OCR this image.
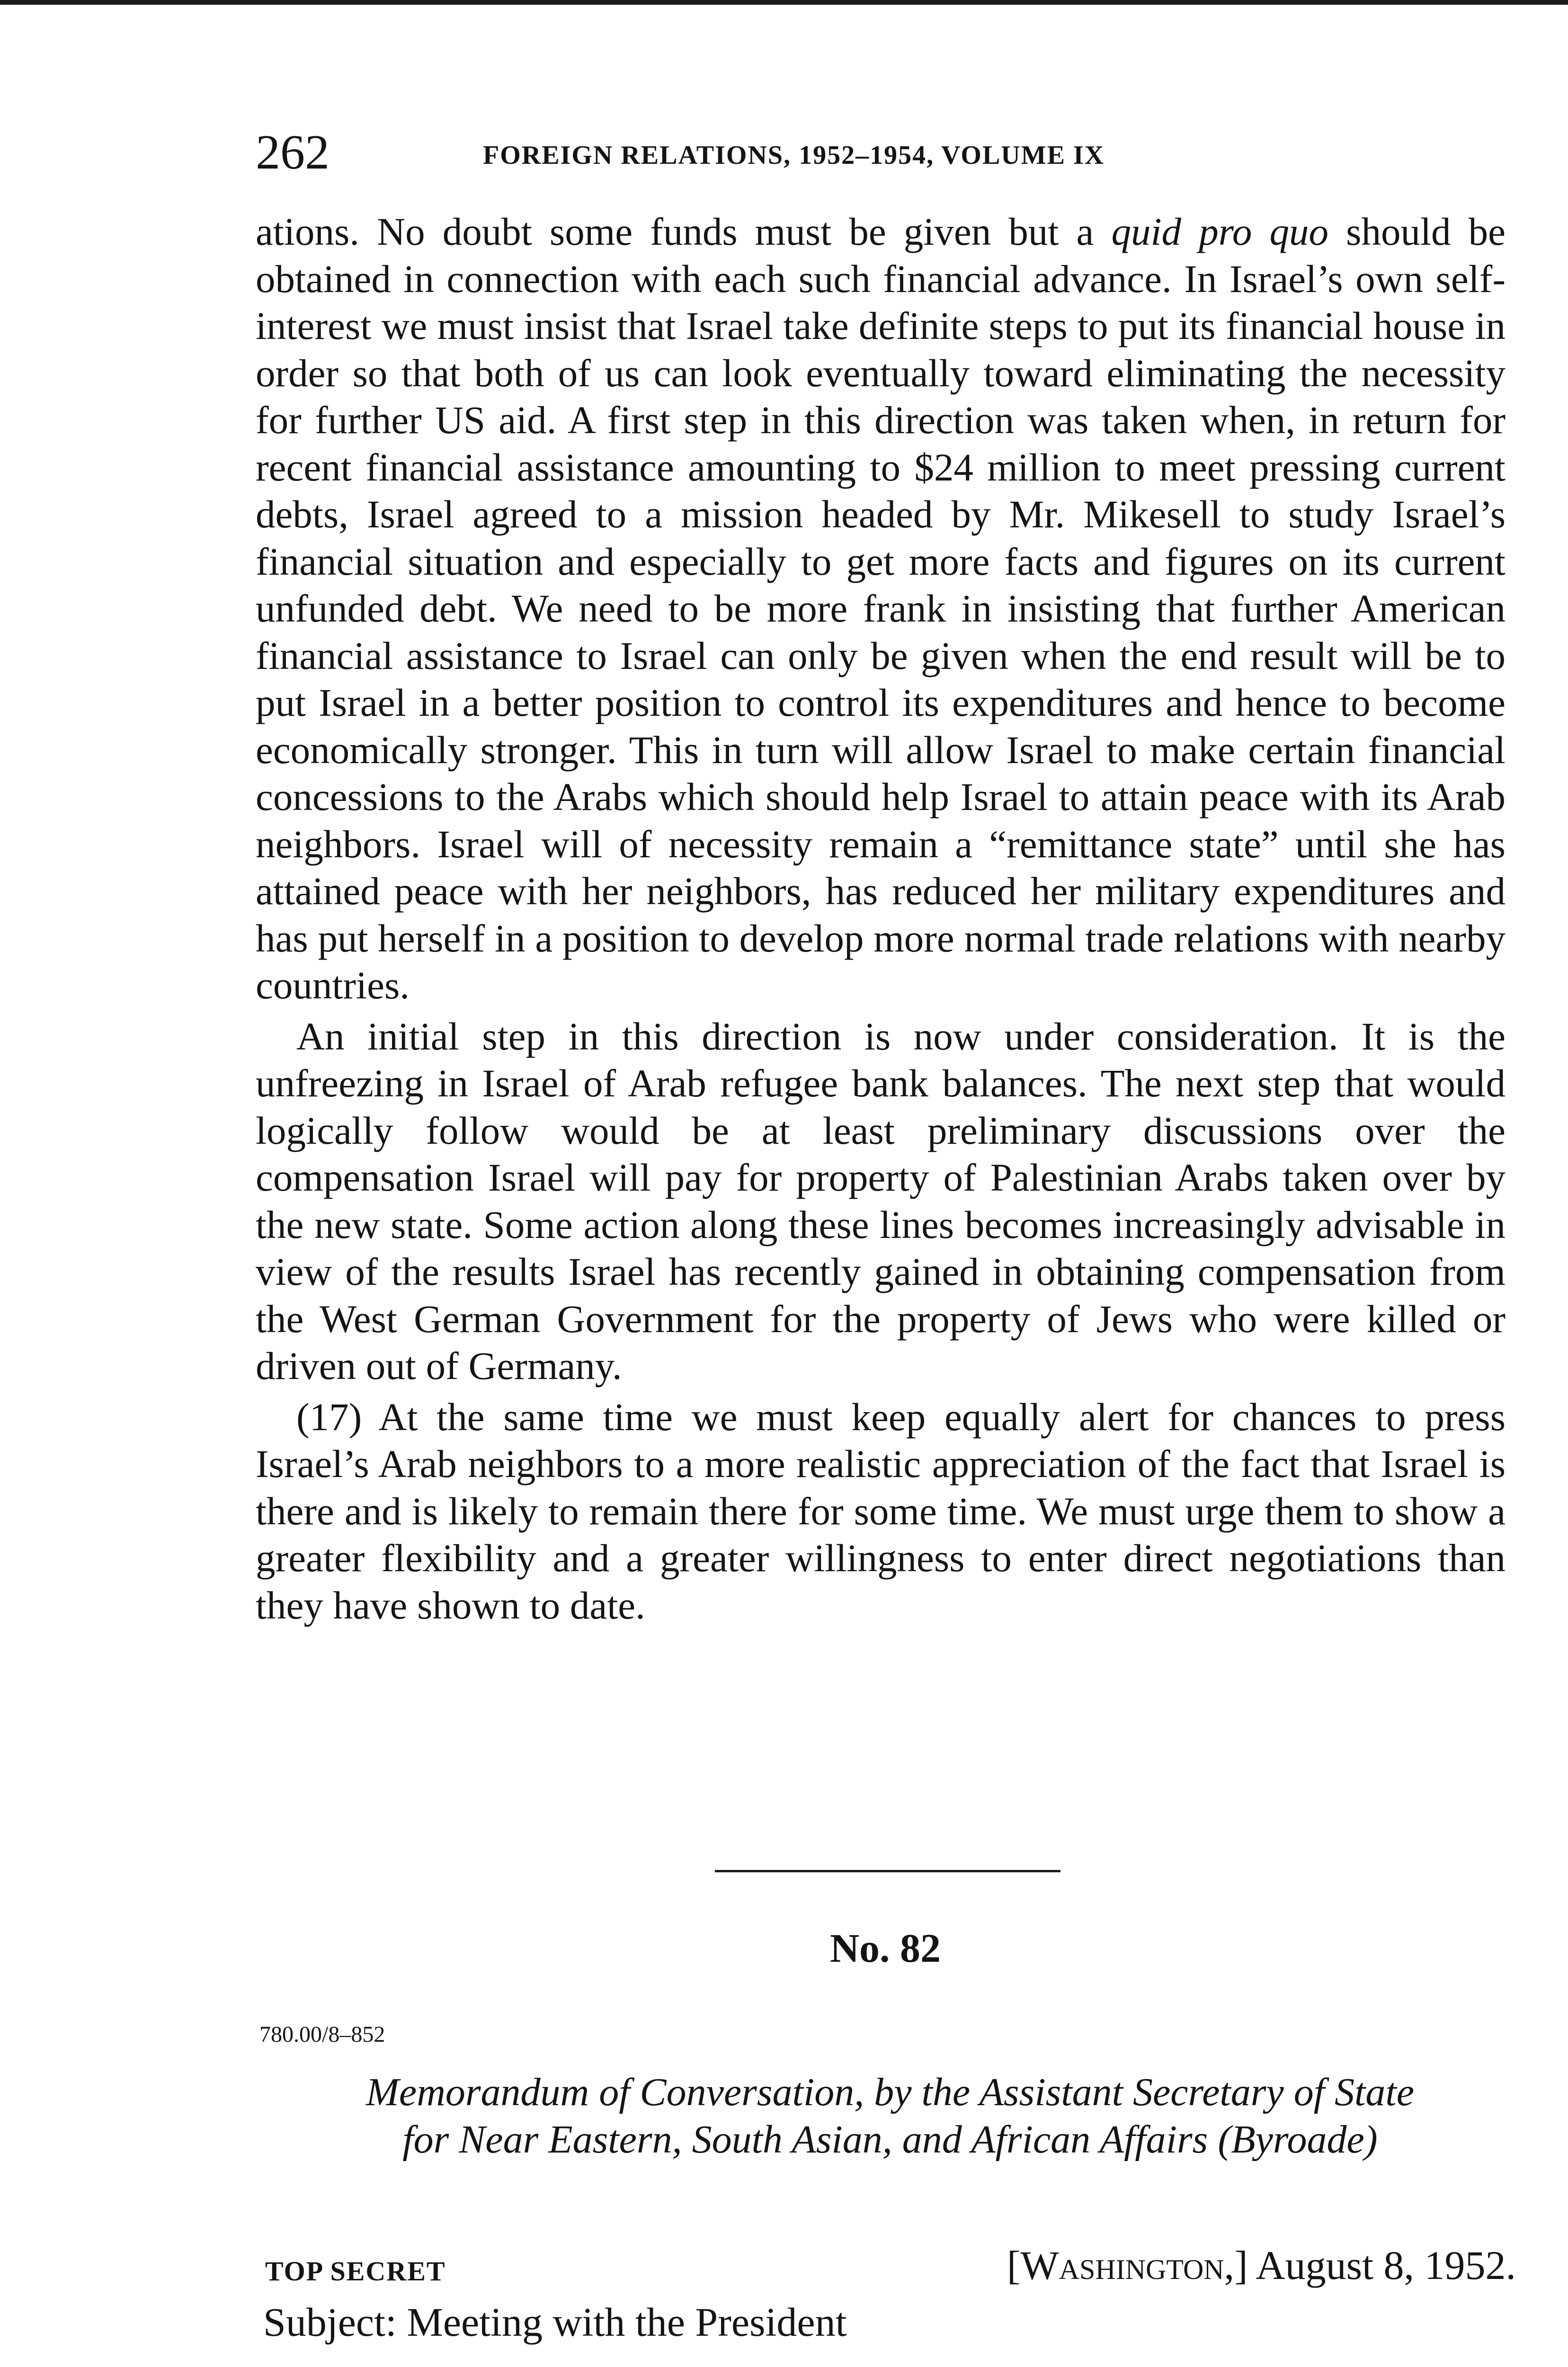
262	FOREIGN RELATIONS, 1952–1954, VOLUME IX

ations. No doubt some funds must be given but a quid pro quo should be obtained in connection with each such financial advance. In Israel’s own self-interest we must insist that Israel take definite steps to put its financial house in order so that both of us can look eventually toward eliminating the necessity for further US aid. A first step in this direction was taken when, in return for recent financial assistance amounting to $24 million to meet pressing current debts, Israel agreed to a mission headed by Mr. Mikesell to study Israel’s financial situation and especially to get more facts and figures on its current unfunded debt. We need to be more frank in insisting that further American financial assistance to Israel can only be given when the end result will be to put Israel in a better position to control its expenditures and hence to become economically stronger. This in turn will allow Israel to make certain financial concessions to the Arabs which should help Israel to attain peace with its Arab neighbors. Israel will of necessity remain a “remittance state” until she has attained peace with her neighbors, has reduced her military expenditures and has put herself in a position to develop more normal trade relations with nearby countries.

An initial step in this direction is now under consideration. It is the unfreezing in Israel of Arab refugee bank balances. The next step that would logically follow would be at least preliminary discussions over the compensation Israel will pay for property of Palestinian Arabs taken over by the new state. Some action along these lines becomes increasingly advisable in view of the results Israel has recently gained in obtaining compensation from the West German Government for the property of Jews who were killed or driven out of Germany.

(17) At the same time we must keep equally alert for chances to press Israel’s Arab neighbors to a more realistic appreciation of the fact that Israel is there and is likely to remain there for some time. We must urge them to show a greater flexibility and a greater willingness to enter direct negotiations than they have shown to date.

No. 82
780.00/8–852
Memorandum of Conversation, by the Assistant Secretary of State
for Near Eastern, South Asian, and African Affairs (Byroade)
TOP SECRET	[Washington,] August 8, 1952.
Subject: Meeting with the President
